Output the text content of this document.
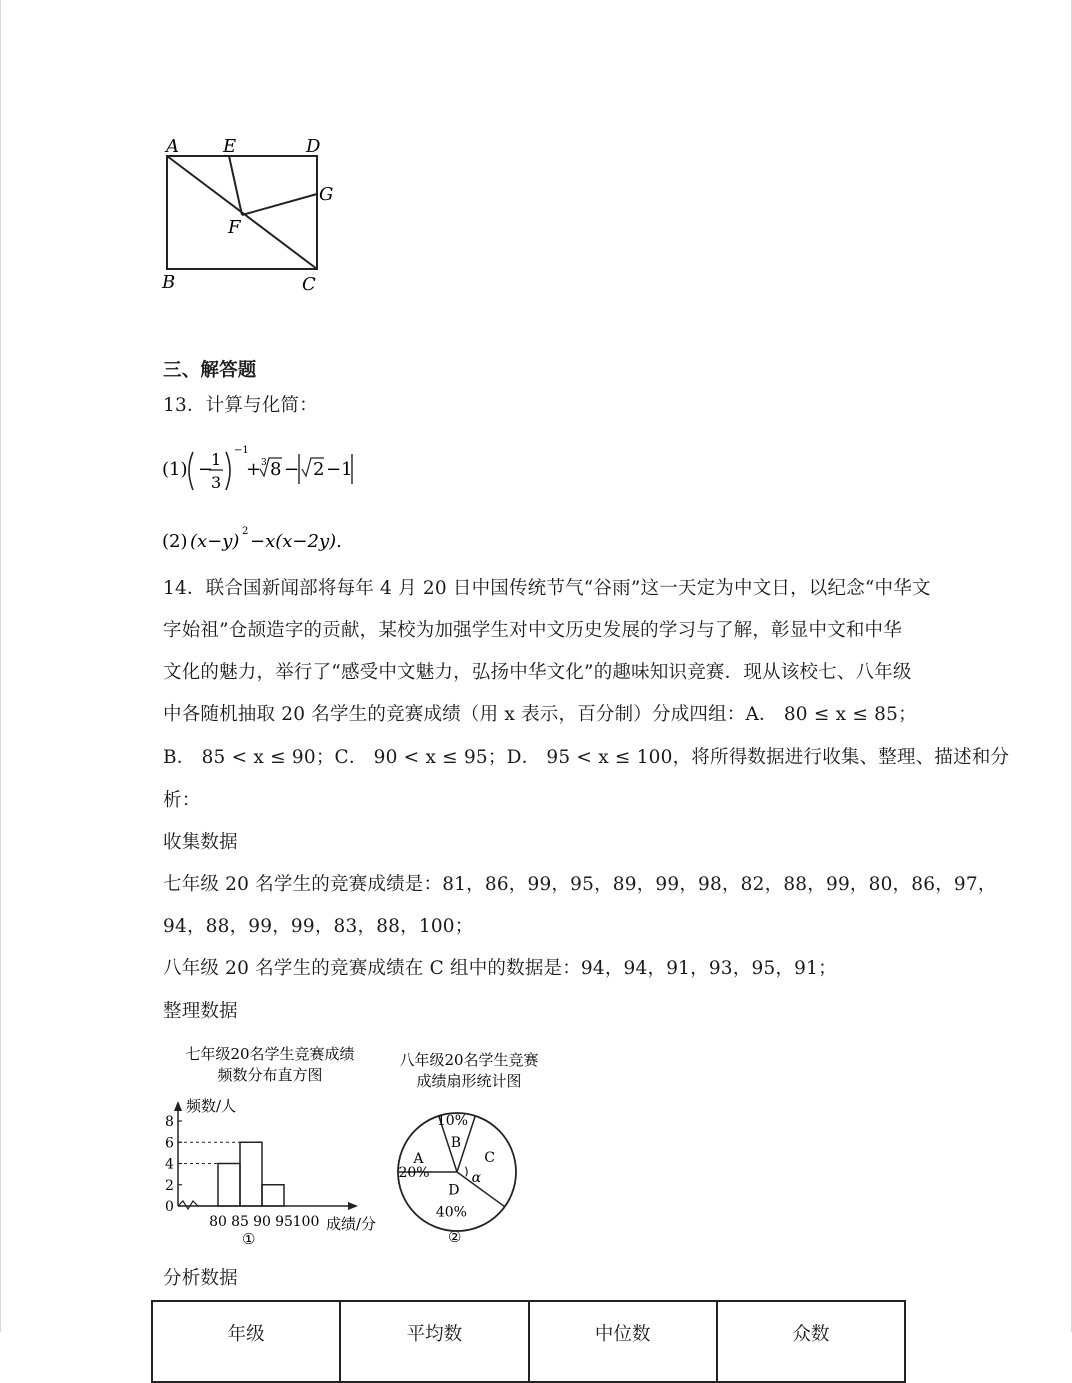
A E	D
G
F
B	C
三、解答题
13．计算与化简：
(1) −
1
3
−1
+ 3 8 − 2 −1
(2) (x−y) 2 −x(x−2y).
14．联合国新闻部将每年 4 月 20 日中国传统节气“谷雨”这一天定为中文日，以纪念“中华文
字始祖”仓颉造字的贡献，某校为加强学生对中文历史发展的学习与了解，彰显中文和中华
文化的魅力，举行了“感受中文魅力，弘扬中华文化”的趣味知识竞赛．现从该校七、八年级
中各随机抽取 20 名学生的竞赛成绩（用 x 表示，百分制）分成四组：A． 80 ≤ x ≤ 85；
B． 85 < x ≤ 90；C． 90 < x ≤ 95；D． 95 < x ≤ 100，将所得数据进行收集、整理、描述和分
析：
收集数据
七年级 20 名学生的竞赛成绩是：81，86，99，95，89，99，98，82，88，99，80，86，97，
94，88，99，99，83，88，100；
八年级 20 名学生的竞赛成绩在 C 组中的数据是：94，94，91，93，95，91；
整理数据
七年级20名学生竞赛成绩
频数分布直方图
频数/人
成绩/分
①
0
2
4
6
8
80 85 90 95 100
八年级20名学生竞赛
成绩扇形统计图
②
B
10%
C
D
40%
A
20%	α
分析数据
年级	平均数	中位数	众数
